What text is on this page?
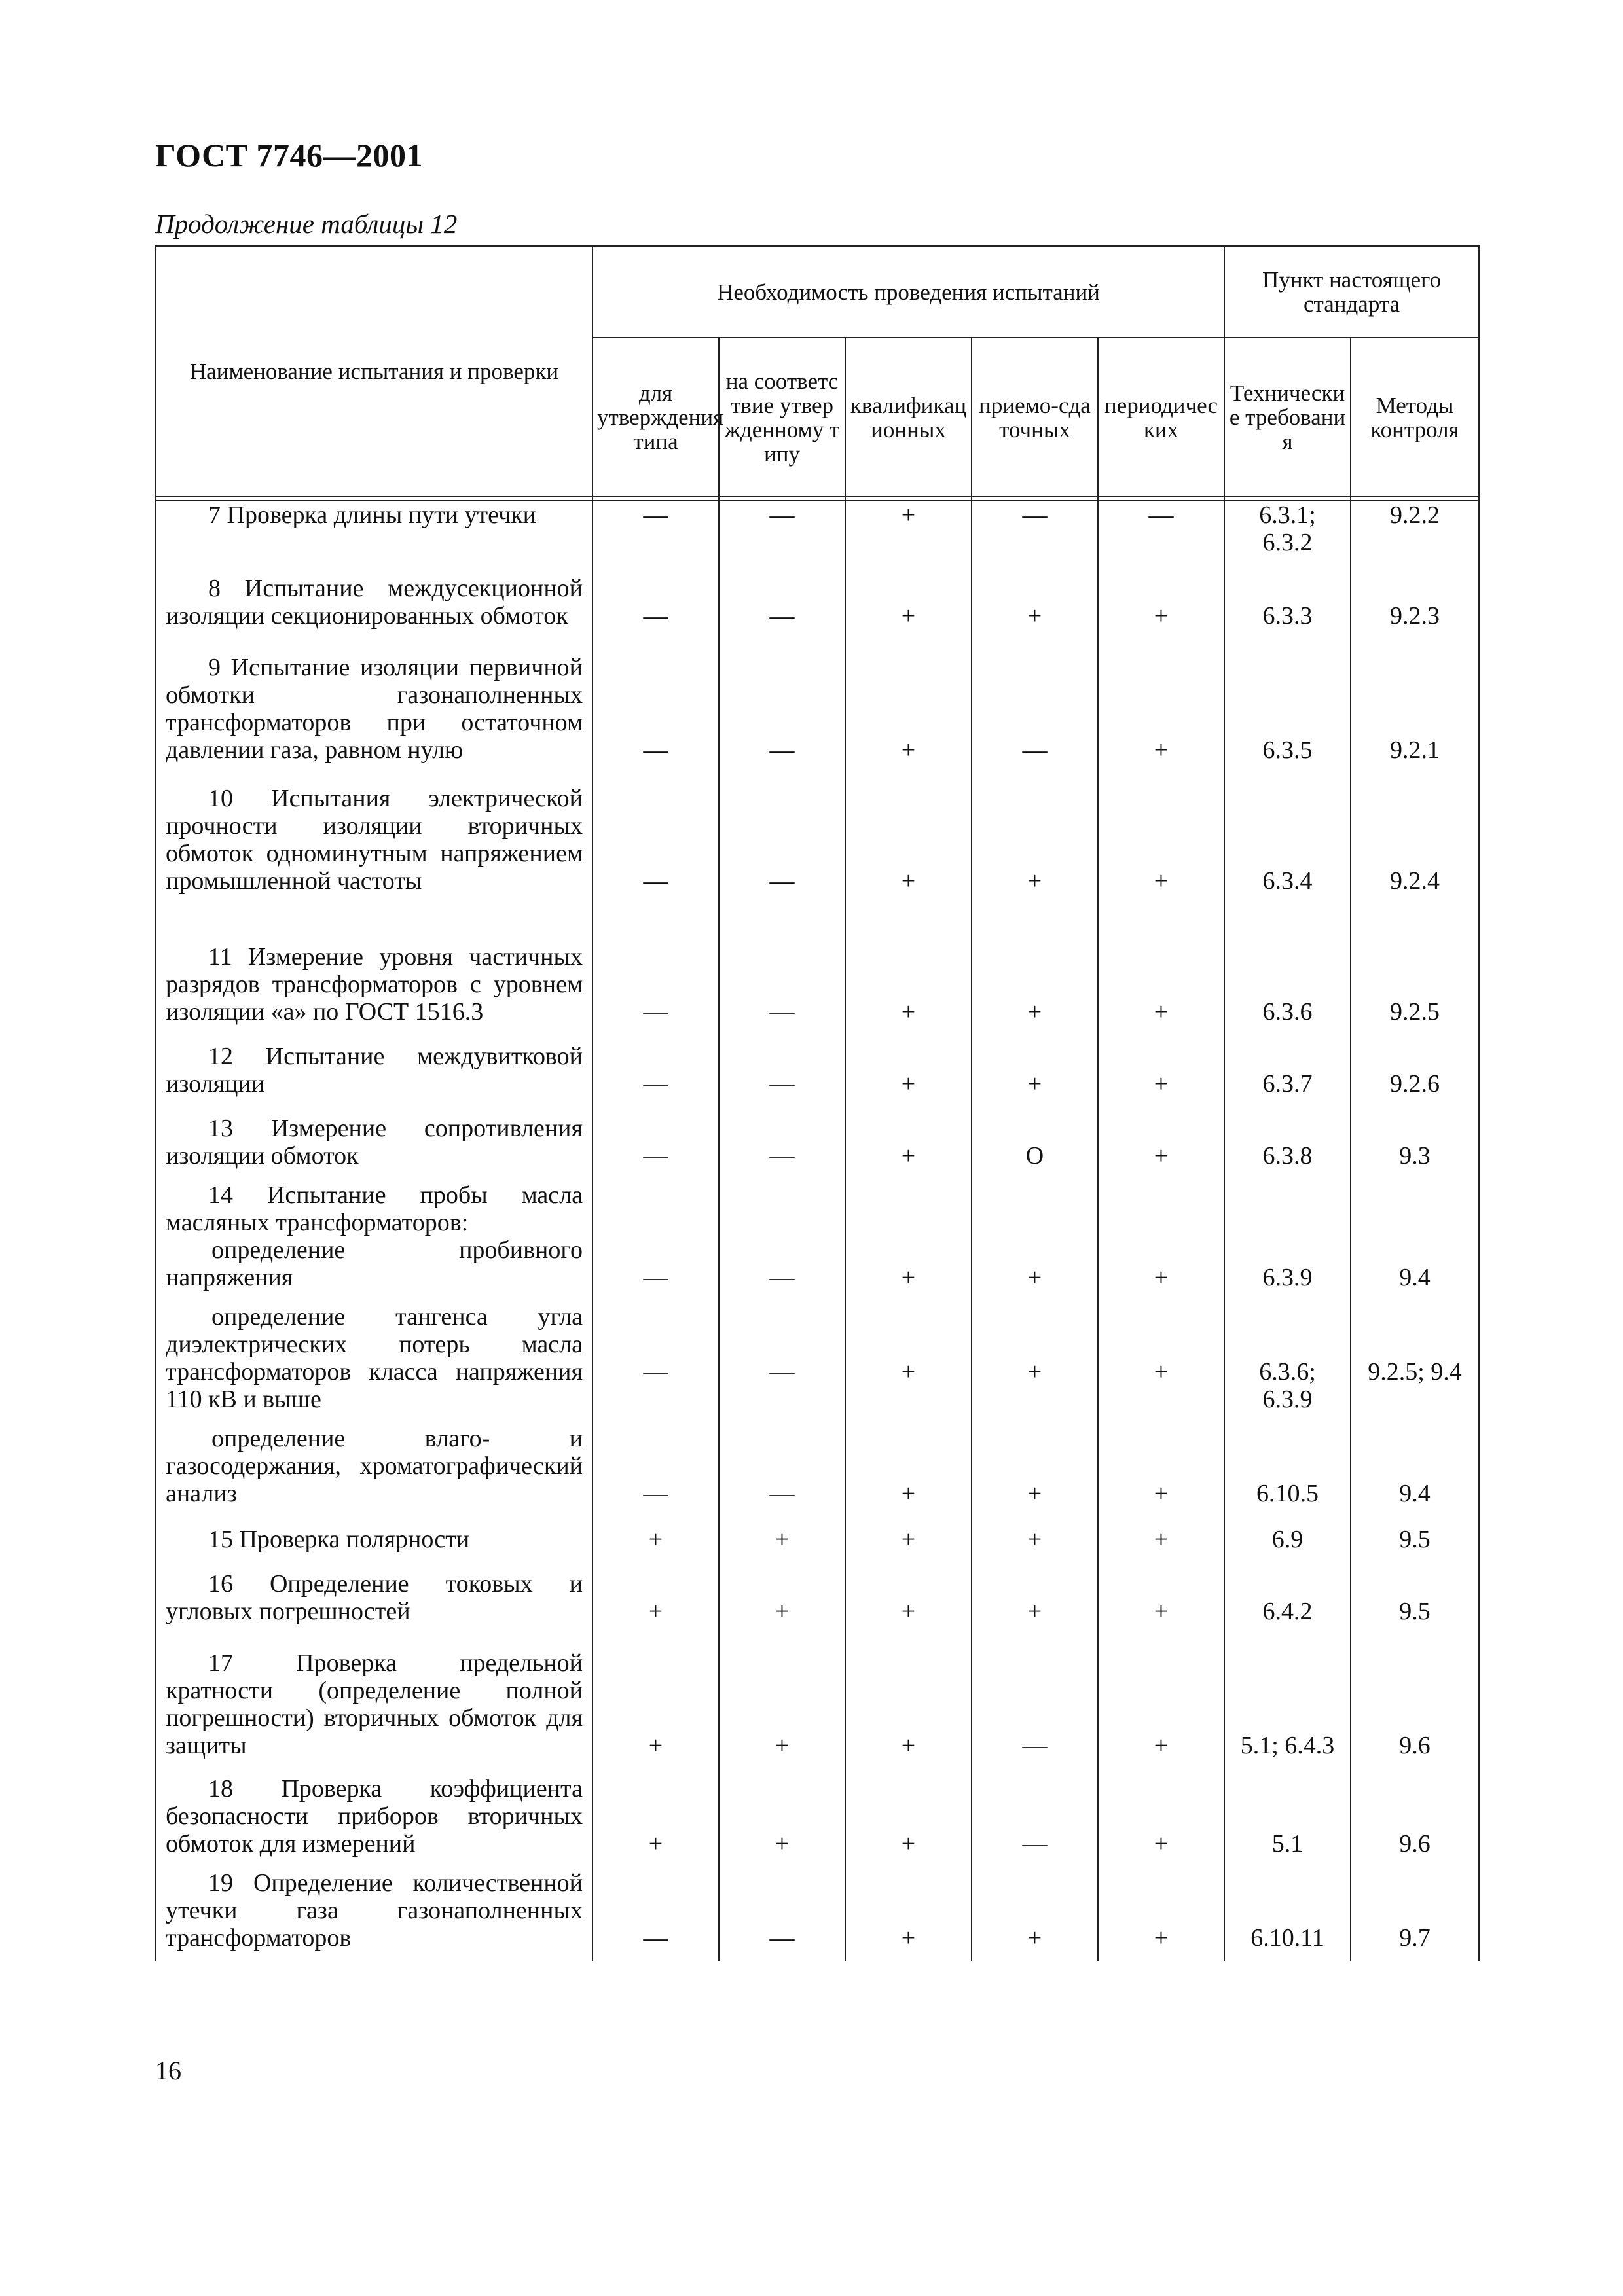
ГОСТ 7746—2001
Продолжение таблицы 12
Наименование испытания и проверки	Необходимость проведения испытаний					Пункт настоящего стандарта	
	для утверждения типа	на соответствие утвержденному типу	квалификационных	приемо-сдаточных	периодических	Технические требования	Методы контроля

7 Проверка длины пути утечки	—	—	+	—	—	6.3.1; 6.3.2	9.2.2

8 Испытание междусекционной изоляции секционированных обмоток	—	—	+	+	+	6.3.3	9.2.3

9 Испытание изоляции первичной обмотки газонаполненных трансформаторов при остаточном давлении газа, равном нулю	—	—	+	—	+	6.3.5	9.2.1

10 Испытания электрической прочности изоляции вторичных обмоток одноминутным напряжением промышленной частоты	—	—	+	+	+	6.3.4	9.2.4

11 Измерение уровня частичных разрядов трансформаторов с уровнем изоляции «а» по ГОСТ 1516.3	—	—	+	+	+	6.3.6	9.2.5

12 Испытание междувитковой изоляции	—	—	+	+	+	6.3.7	9.2.6

13 Измерение сопротивления изоляции обмоток	—	—	+	О	+	6.3.8	9.3

14 Испытание пробы масла масляных трансформаторов:
определение пробивного напряжения	—	—	+	+	+	6.3.9	9.4

определение тангенса угла диэлектрических потерь масла трансформаторов класса напряжения 110 кВ и выше	—	—	+	+	+	6.3.6; 6.3.9	9.2.5; 9.4

определение влаго- и газосодержания, хроматографический анализ	—	—	+	+	+	6.10.5	9.4

15 Проверка полярности	+	+	+	+	+	6.9	9.5

16 Определение токовых и угловых погрешностей	+	+	+	+	+	6.4.2	9.5

17 Проверка предельной кратности (определение полной погрешности) вторичных обмоток для защиты	+	+	+	—	+	5.1; 6.4.3	9.6

18 Проверка коэффициента безопасности приборов вторичных обмоток для измерений	+	+	+	—	+	5.1	9.6

19 Определение количественной утечки газа газонаполненных трансформаторов	—	—	+	+	+	6.10.11	9.7
16
